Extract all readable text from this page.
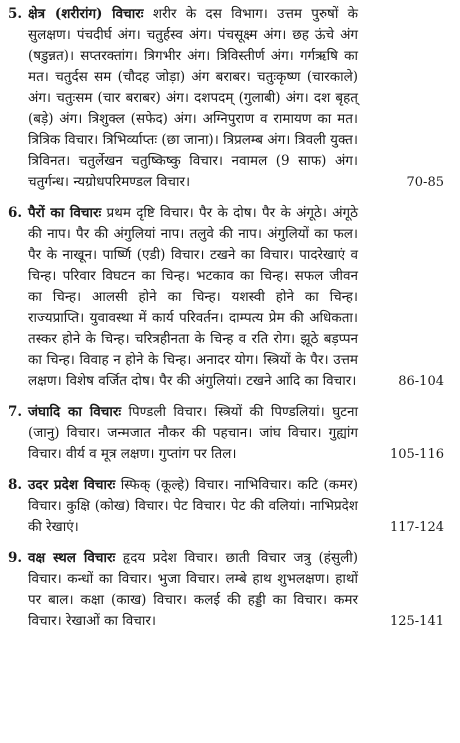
5. क्षेत्र (शरीरांग) विचारः शरीर के दस विभाग। उत्तम पुरुषों के सुलक्षण। पंचदीर्घ अंग। चतुर्हस्व अंग। पंचसूक्ष्म अंग। छह ऊंचे अंग (षडुन्नत)। सप्तरक्तांग। त्रिगभीर अंग। त्रिविस्तीर्ण अंग। गर्गऋषि का मत। चतुर्दस सम (चौदह जोड़ा) अंग बराबर। चतुःकृष्ण (चारकाले) अंग। चतुःसम (चार बराबर) अंग। दशपदम् (गुलाबी) अंग। दश बृहत् (बड़े) अंग। त्रिशुक्ल (सफेद) अंग। अग्निपुराण व रामायण का मत। त्रित्रिक विचार। त्रिभिर्व्याप्तः (छा जाना)। त्रिप्रलम्ब अंग। त्रिवली युक्त। त्रिविनत। चतुर्लेखन चतुष्किष्कु विचार। नवामल (9 साफ) अंग। चतुर्गन्ध। न्यग्रोधपरिमण्डल विचार।	70-85
6. पैरों का विचारः प्रथम दृष्टि विचार। पैर के दोष। पैर के अंगूठे। अंगूठे की नाप। पैर की अंगुलियां नाप। तलुवे की नाप। अंगुलियों का फल। पैर के नाखून। पार्ष्णि (एडी) विचार। टखने का विचार। पादरेखाएं व चिन्ह। परिवार विघटन का चिन्ह। भटकाव का चिन्ह। सफल जीवन का चिन्ह। आलसी होने का चिन्ह। यशस्वी होने का चिन्ह। राज्यप्राप्ति। युवावस्था में कार्य परिवर्तन। दाम्पत्य प्रेम की अधिकता। तस्कर होने के चिन्ह। चरित्रहीनता के चिन्ह व रति रोग। झूठे बड़प्पन का चिन्ह। विवाह न होने के चिन्ह। अनादर योग। स्त्रियों के पैर। उत्तम लक्षण। विशेष वर्जित दोष। पैर की अंगुलियां। टखने आदि का विचार।	86-104
7. जंघादि का विचारः पिण्डली विचार। स्त्रियों की पिण्डलियां। घुटना (जानु) विचार। जन्मजात नौकर की पहचान। जांघ विचार। गुह्यांग विचार। वीर्य व मूत्र लक्षण। गुप्तांग पर तिल।	105-116
8. उदर प्रदेश विचारः स्फिक् (कूल्हे) विचार। नाभिविचार। कटि (कमर) विचार। कुक्षि (कोख) विचार। पेट विचार। पेट की वलियां। नाभिप्रदेश की रेखाएं।	117-124
9. वक्ष स्थल विचारः हृदय प्रदेश विचार। छाती विचार जत्रु (हंसुली) विचार। कन्धों का विचार। भुजा विचार। लम्बे हाथ शुभलक्षण। हाथों पर बाल। कक्षा (काख) विचार। कलई की हड्डी का विचार। कमर विचार। रेखाओं का विचार।	125-141
